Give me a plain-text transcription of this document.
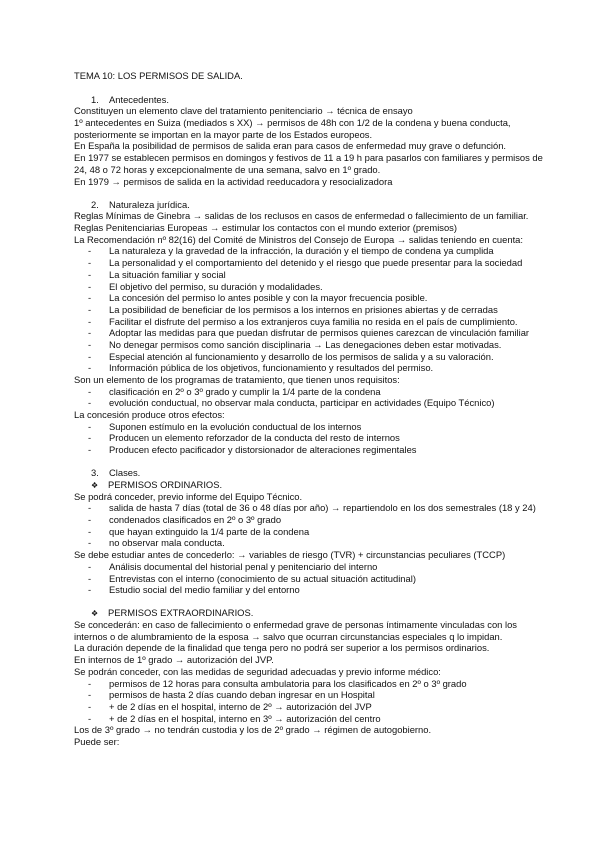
TEMA 10: LOS PERMISOS DE SALIDA.
1. Antecedentes.
Constituyen un elemento clave del tratamiento penitenciario → técnica de ensayo
1º antecedentes en Suiza (mediados s XX) → permisos de 48h con 1/2 de la condena y buena conducta,
posteriormente se importan en la mayor parte de los Estados europeos.
En España la posibilidad de permisos de salida eran para casos de enfermedad muy grave o defunción.
En 1977 se establecen permisos en domingos y festivos de 11 a 19 h para pasarlos con familiares y permisos de
24, 48 o 72 horas y excepcionalmente de una semana, salvo en 1º grado.
En 1979 → permisos de salida en la actividad reeducadora y resocializadora
2. Naturaleza jurídica.
Reglas Mínimas de Ginebra → salidas de los reclusos en casos de enfermedad o fallecimiento de un familiar.
Reglas Penitenciarias Europeas → estimular los contactos con el mundo exterior (premisos)
La Recomendación nº 82(16) del Comité de Ministros del Consejo de Europa → salidas teniendo en cuenta:
- La naturaleza y la gravedad de la infracción, la duración y el tiempo de condena ya cumplida
- La personalidad y el comportamiento del detenido y el riesgo que puede presentar para la sociedad
- La situación familiar y social
- El objetivo del permiso, su duración y modalidades.
- La concesión del permiso lo antes posible y con la mayor frecuencia posible.
- La posibilidad de beneficiar de los permisos a los internos en prisiones abiertas y de cerradas
- Facilitar el disfrute del permiso a los extranjeros cuya familia no resida en el país de cumplimiento.
- Adoptar las medidas para que puedan disfrutar de permisos quienes carezcan de vinculación familiar
- No denegar permisos como sanción disciplinaria → Las denegaciones deben estar motivadas.
- Especial atención al funcionamiento y desarrollo de los permisos de salida y a su valoración.
- Información pública de los objetivos, funcionamiento y resultados del permiso.
Son un elemento de los programas de tratamiento, que tienen unos requisitos:
- clasificación en 2º o 3º grado y cumplir la 1/4 parte de la condena
- evolución conductual, no observar mala conducta, participar en actividades (Equipo Técnico)
La concesión produce otros efectos:
- Suponen estímulo en la evolución conductual de los internos
- Producen un elemento reforzador de la conducta del resto de internos
- Producen efecto pacificador y distorsionador de alteraciones regimentales
3. Clases.
❖ PERMISOS ORDINARIOS.
Se podrá conceder, previo informe del Equipo Técnico.
- salida de hasta 7 días (total de 36 o 48 días por año) → repartiendolo en los dos semestrales (18 y 24)
- condenados clasificados en 2º o 3º grado
- que hayan extinguido la 1/4 parte de la condena
- no observar mala conducta.
Se debe estudiar antes de concederlo: → variables de riesgo (TVR) + circunstancias peculiares (TCCP)
- Análisis documental del historial penal y penitenciario del interno
- Entrevistas con el interno (conocimiento de su actual situación actitudinal)
- Estudio social del medio familiar y del entorno
❖ PERMISOS EXTRAORDINARIOS.
Se concederán: en caso de fallecimiento o enfermedad grave de personas íntimamente vinculadas con los
internos o de alumbramiento de la esposa → salvo que ocurran circunstancias especiales q lo impidan.
La duración depende de la finalidad que tenga pero no podrá ser superior a los permisos ordinarios.
En internos de 1º grado → autorización del JVP.
Se podrán conceder, con las medidas de seguridad adecuadas y previo informe médico:
- permisos de 12 horas para consulta ambulatoria para los clasificados en 2º o 3º grado
- permisos de hasta 2 días cuando deban ingresar en un Hospital
- + de 2 días en el hospital, interno de 2º → autorización del JVP
- + de 2 días en el hospital, interno en 3º → autorización del centro
Los de 3º grado → no tendrán custodia y los de 2º grado → régimen de autogobierno.
Puede ser:
